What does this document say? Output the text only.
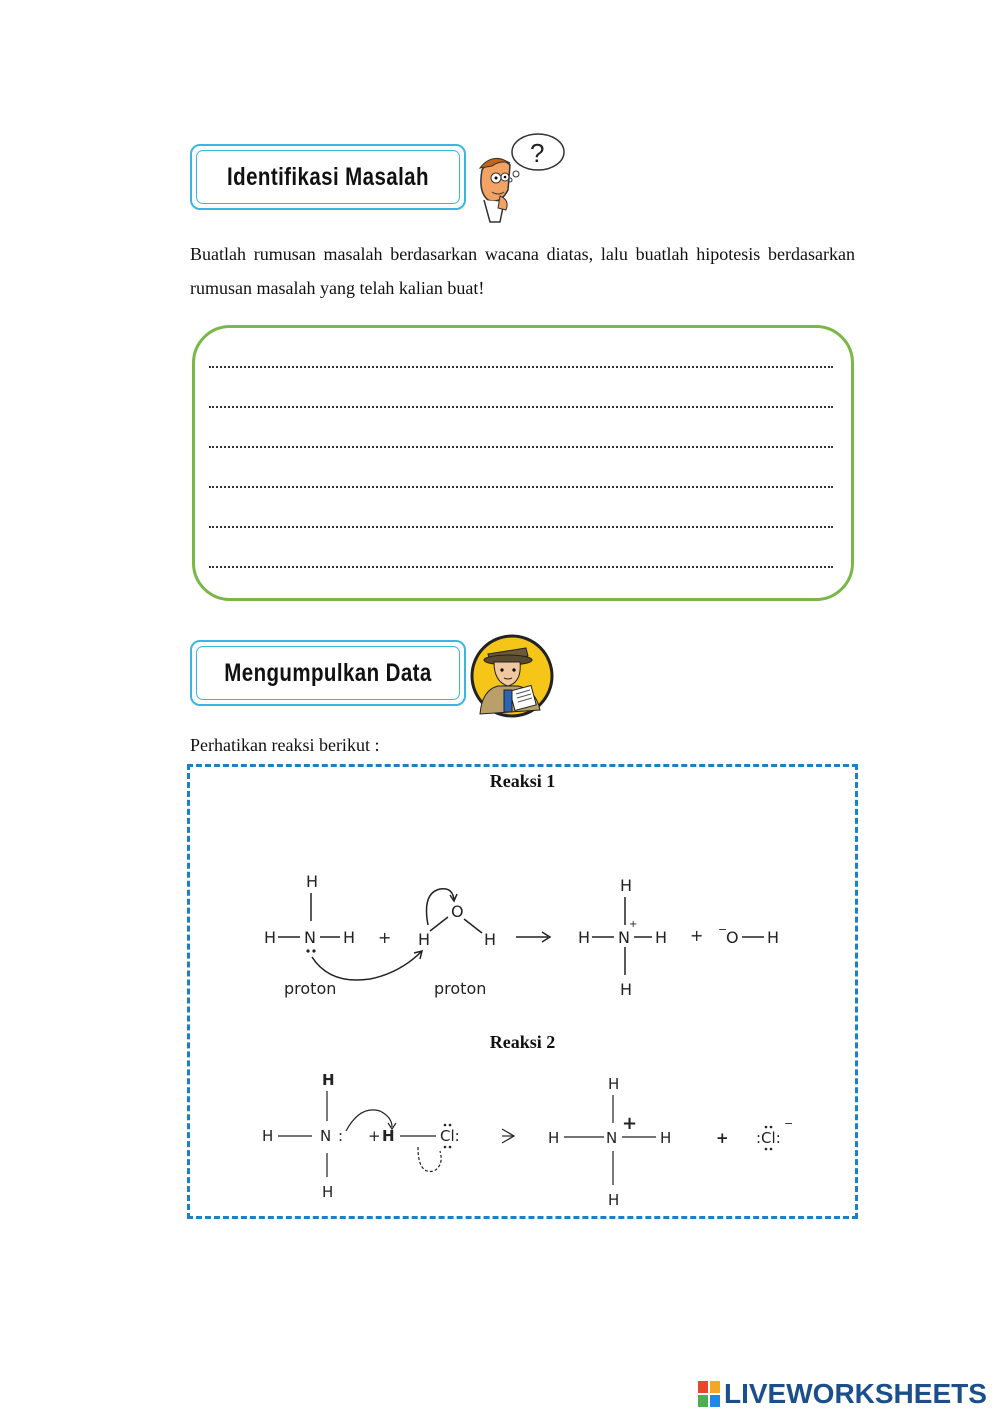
Identifikasi Masalah
?
Buatlah rumusan masalah berdasarkan wacana diatas, lalu buatlah hipotesis berdasarkan rumusan masalah yang telah kalian buat!
Mengumpulkan Data
Perhatikan reaksi berikut :
Reaksi 1
H
H N H + H
O
H
H
H N
+
H
H
+ −
O H
proton	proton
Reaksi 2
H
H	N :
H
+ H	Cl:
H
H	N
+
H
H
+ :Cl:
−
LIVEWORKSHEETS
